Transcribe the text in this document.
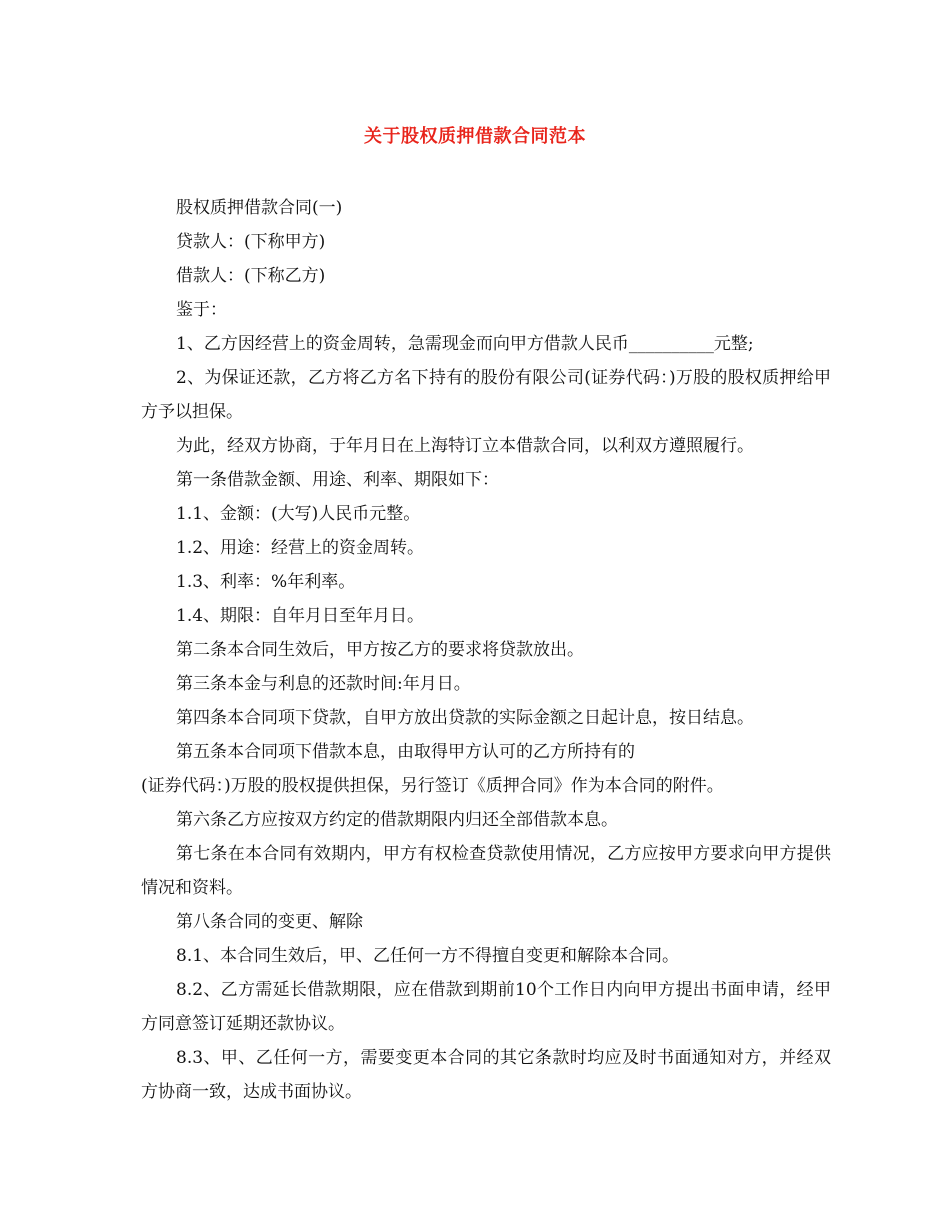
关于股权质押借款合同范本

股权质押借款合同(一)

贷款人：(下称甲方)

借款人：(下称乙方)

鉴于：

1、乙方因经营上的资金周转，急需现金而向甲方借款人民币__________元整;

2、为保证还款，乙方将乙方名下持有的股份有限公司(证券代码：)万股的股权质押给甲方予以担保。

为此，经双方协商，于年月日在上海特订立本借款合同，以利双方遵照履行。

第一条借款金额、用途、利率、期限如下：

1.1、金额：(大写)人民币元整。

1.2、用途：经营上的资金周转。

1.3、利率：%年利率。

1.4、期限：自年月日至年月日。

第二条本合同生效后，甲方按乙方的要求将贷款放出。

第三条本金与利息的还款时间:年月日。

第四条本合同项下贷款，自甲方放出贷款的实际金额之日起计息，按日结息。

第五条本合同项下借款本息，由取得甲方认可的乙方所持有的

(证券代码：)万股的股权提供担保，另行签订《质押合同》作为本合同的附件。

第六条乙方应按双方约定的借款期限内归还全部借款本息。

第七条在本合同有效期内，甲方有权检查贷款使用情况，乙方应按甲方要求向甲方提供情况和资料。

第八条合同的变更、解除

8.1、本合同生效后，甲、乙任何一方不得擅自变更和解除本合同。

8.2、乙方需延长借款期限，应在借款到期前10个工作日内向甲方提出书面申请，经甲方同意签订延期还款协议。

8.3、甲、乙任何一方，需要变更本合同的其它条款时均应及时书面通知对方，并经双方协商一致，达成书面协议。
